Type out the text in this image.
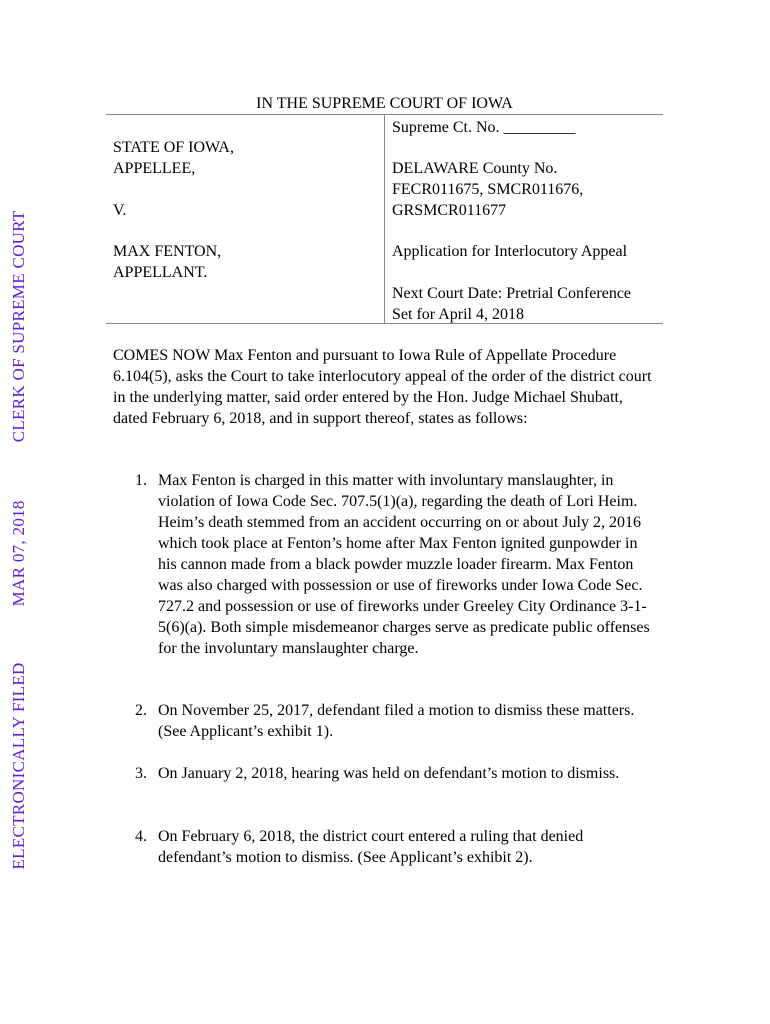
ELECTRONICALLY FILEDMAR 07, 2018CLERK OF SUPREME COURT
IN THE SUPREME COURT OF IOWA
STATE OF IOWA,
APPELLEE,
V.
MAX FENTON,
APPELLANT.
Supreme Ct. No. _________
DELAWARE County No.
FECR011675, SMCR011676,
GRSMCR011677
Application for Interlocutory Appeal
Next Court Date: Pretrial Conference
Set for April 4, 2018
COMES NOW Max Fenton and pursuant to Iowa Rule of Appellate Procedure 6.104(5), asks the Court to take interlocutory appeal of the order of the district court in the underlying matter, said order entered by the Hon. Judge Michael Shubatt, dated February 6, 2018, and in support thereof, states as follows:
1. Max Fenton is charged in this matter with involuntary manslaughter, in violation of Iowa Code Sec. 707.5(1)(a), regarding the death of Lori Heim. Heim’s death stemmed from an accident occurring on or about July 2, 2016 which took place at Fenton’s home after Max Fenton ignited gunpowder in his cannon made from a black powder muzzle loader firearm. Max Fenton was also charged with possession or use of fireworks under Iowa Code Sec. 727.2 and possession or use of fireworks under Greeley City Ordinance 3-1-5(6)(a). Both simple misdemeanor charges serve as predicate public offenses for the involuntary manslaughter charge.
2. On November 25, 2017, defendant filed a motion to dismiss these matters. (See Applicant’s exhibit 1).
3. On January 2, 2018, hearing was held on defendant’s motion to dismiss.
4. On February 6, 2018, the district court entered a ruling that denied defendant’s motion to dismiss. (See Applicant’s exhibit 2).
